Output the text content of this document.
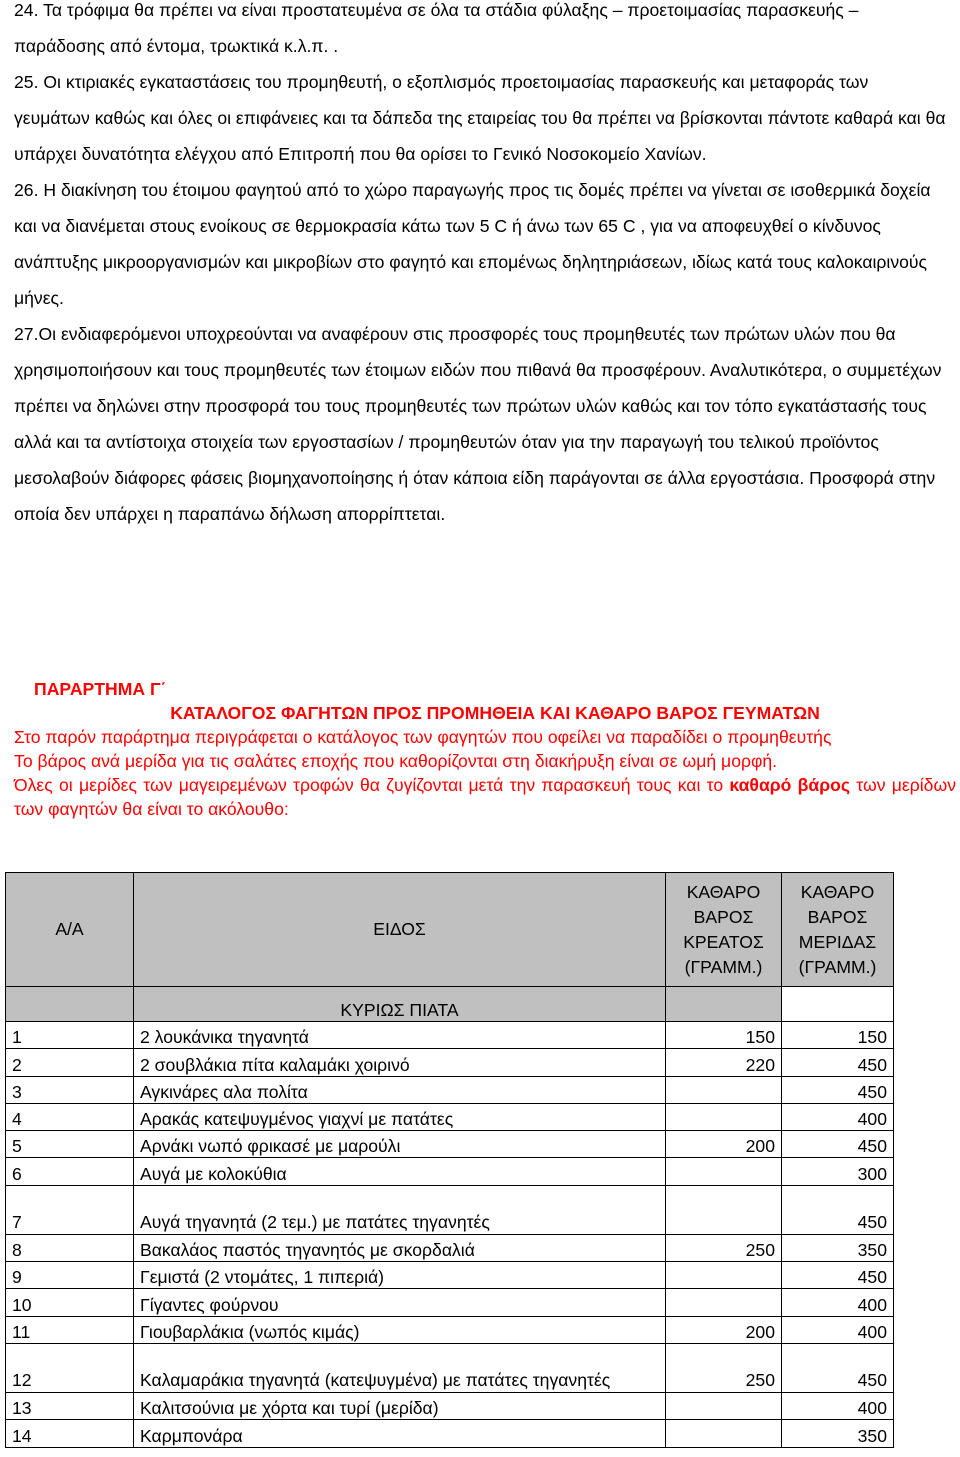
24. Τα τρόφιμα θα πρέπει να είναι προστατευμένα σε όλα τα στάδια φύλαξης – προετοιμασίας παρασκευής – παράδοσης από έντομα, τρωκτικά κ.λ.π. .

25. Οι κτιριακές εγκαταστάσεις του προμηθευτή, ο εξοπλισμός προετοιμασίας παρασκευής και μεταφοράς των γευμάτων καθώς και όλες οι επιφάνειες και τα δάπεδα της εταιρείας του θα πρέπει να βρίσκονται πάντοτε καθαρά και θα υπάρχει δυνατότητα ελέγχου από Επιτροπή που θα ορίσει το Γενικό Νοσοκομείο Χανίων.

26. Η διακίνηση του έτοιμου φαγητού από το χώρο παραγωγής προς τις δομές πρέπει να γίνεται σε ισοθερμικά δοχεία και να διανέμεται στους ενοίκους σε θερμοκρασία κάτω των 5 C ή άνω των 65 C , για να αποφευχθεί ο κίνδυνος ανάπτυξης μικροοργανισμών και μικροβίων στο φαγητό και επομένως δηλητηριάσεων, ιδίως κατά τους καλοκαιρινούς μήνες.

27.Οι ενδιαφερόμενοι υποχρεούνται να αναφέρουν στις προσφορές τους προμηθευτές των πρώτων υλών που θα χρησιμοποιήσουν και τους προμηθευτές των έτοιμων ειδών που πιθανά θα προσφέρουν. Αναλυτικότερα, ο συμμετέχων πρέπει να δηλώνει στην προσφορά του τους προμηθευτές των πρώτων υλών καθώς και τον τόπο εγκατάστασής τους αλλά και τα αντίστοιχα στοιχεία των εργοστασίων / προμηθευτών όταν για την παραγωγή του τελικού προϊόντος μεσολαβούν διάφορες φάσεις βιομηχανοποίησης ή όταν κάποια είδη παράγονται σε άλλα εργοστάσια. Προσφορά στην οποία δεν υπάρχει η παραπάνω δήλωση απορρίπτεται.

ΠΑΡΑΡΤΗΜΑ Γ΄

ΚΑΤΑΛΟΓΟΣ ΦΑΓΗΤΩΝ ΠΡΟΣ ΠΡΟΜΗΘΕΙΑ ΚΑΙ ΚΑΘΑΡΟ ΒΑΡΟΣ ΓΕΥΜΑΤΩΝ

Στο παρόν παράρτημα περιγράφεται ο κατάλογος των φαγητών που οφείλει να παραδίδει ο προμηθευτής

Το βάρος ανά μερίδα για τις σαλάτες εποχής που καθορίζονται στη διακήρυξη είναι σε ωμή μορφή.

Όλες οι μερίδες των μαγειρεμένων τροφών θα ζυγίζονται μετά την παρασκευή τους και το καθαρό βάρος των μερίδων των φαγητών θα είναι το ακόλουθο:

Α/Α	ΕΙΔΟΣ	ΚΑΘΑΡΟ ΒΑΡΟΣ ΚΡΕΑΤΟΣ (ΓΡΑΜΜ.)	ΚΑΘΑΡΟ ΒΑΡΟΣ ΜΕΡΙΔΑΣ (ΓΡΑΜΜ.)
	ΚΥΡΙΩΣ ΠΙΑΤΑ		
1	2 λουκάνικα τηγανητά	150	150
2	2 σουβλάκια πίτα καλαμάκι χοιρινό	220	450
3	Αγκινάρες αλα πολίτα		450
4	Αρακάς κατεψυγμένος γιαχνί με πατάτες		400
5	Αρνάκι νωπό φρικασέ με μαρούλι	200	450
6	Αυγά με κολοκύθια		300
7	Αυγά τηγανητά (2 τεμ.) με πατάτες τηγανητές		450
8	Βακαλάος παστός τηγανητός με σκορδαλιά	250	350
9	Γεμιστά (2 ντομάτες, 1 πιπεριά)		450
10	Γίγαντες φούρνου		400
11	Γιουβαρλάκια (νωπός κιμάς)	200	400
12	Καλαμαράκια τηγανητά (κατεψυγμένα) με πατάτες τηγανητές	250	450
13	Καλιτσούνια με χόρτα και τυρί (μερίδα)		400
14	Καρμπονάρα		350
